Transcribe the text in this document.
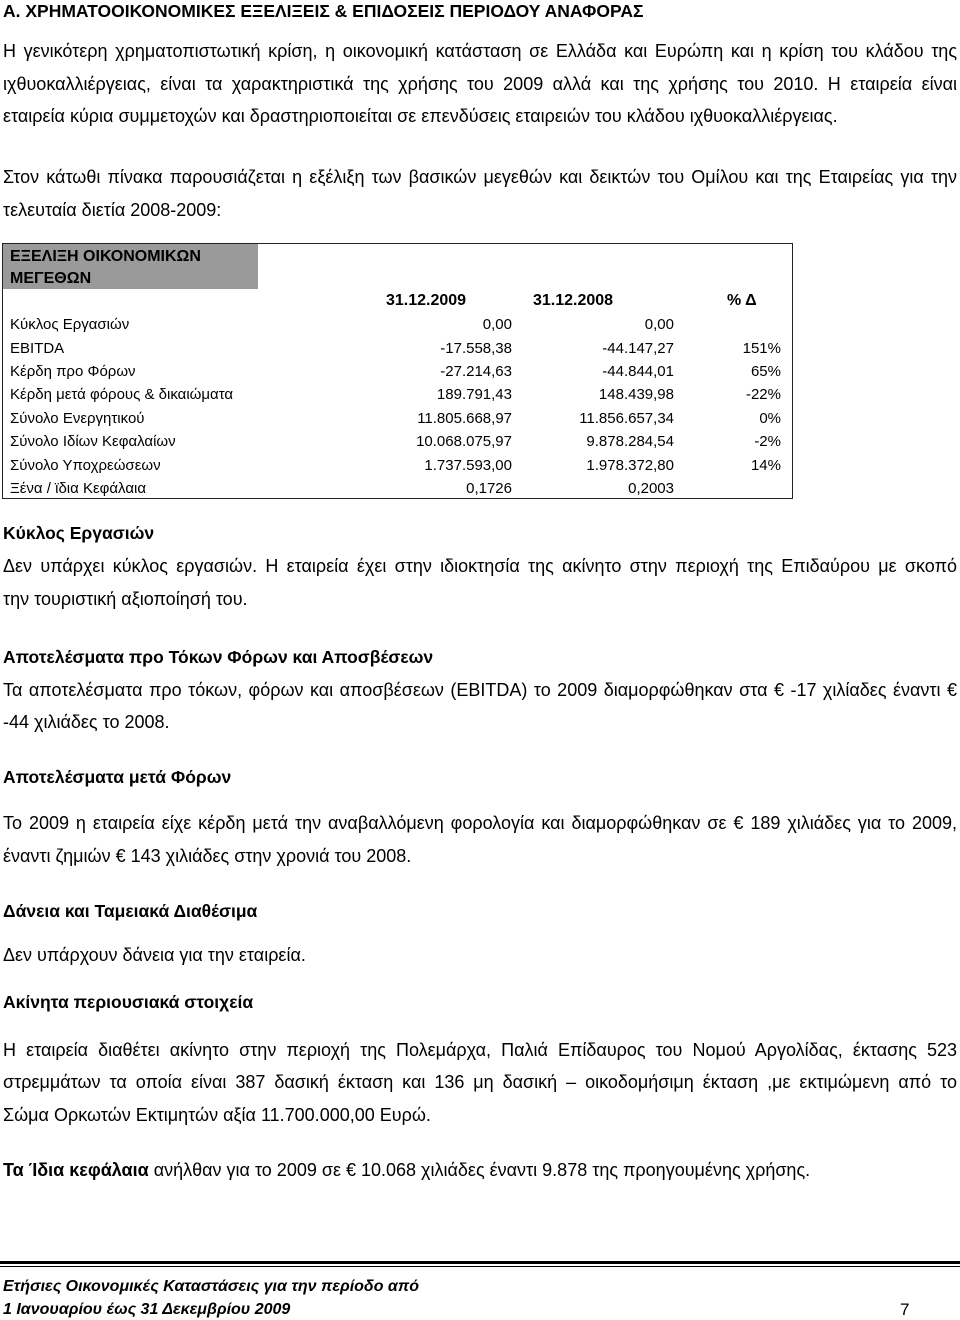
Α. ΧΡΗΜΑΤΟΟΙΚΟΝΟΜΙΚΕΣ ΕΞΕΛΙΞΕΙΣ & ΕΠΙΔΟΣΕΙΣ ΠΕΡΙΟΔΟΥ ΑΝΑΦΟΡΑΣ
Η γενικότερη χρηματοπιστωτική κρίση, η οικονομική κατάσταση σε Ελλάδα και Ευρώπη και η κρίση του κλάδου της
ιχθυοκαλλιέργειας, είναι τα χαρακτηριστικά της χρήσης του 2009 αλλά και της χρήσης του 2010. Η εταιρεία είναι
εταιρεία κύρια συμμετοχών και δραστηριοποιείται σε επενδύσεις εταιρειών του κλάδου ιχθυοκαλλιέργειας.
Στον κάτωθι πίνακα παρουσιάζεται η εξέλιξη των βασικών μεγεθών και δεικτών του Ομίλου και της Εταιρείας για την
τελευταία διετία 2008-2009:
ΕΞΕΛΙΞΗ ΟΙΚΟΝΟΜΙΚΩΝ
ΜΕΓΕΘΩΝ
31.12.2009	31.12.2008	% Δ
Κύκλος Εργασιών	0,00	0,00
EBITDA	-17.558,38	-44.147,27	151%
Κέρδη προ Φόρων	-27.214,63	-44.844,01	65%
Κέρδη μετά φόρους & δικαιώματα	189.791,43	148.439,98	-22%
Σύνολο Ενεργητικού	11.805.668,97	11.856.657,34	0%
Σύνολο Ιδίων Κεφαλαίων	10.068.075,97	9.878.284,54	-2%
Σύνολο Υποχρεώσεων	1.737.593,00	1.978.372,80	14%
Ξένα / ϊδια Κεφάλαια	0,1726	0,2003
Κύκλος Εργασιών
Δεν υπάρχει κύκλος εργασιών. Η εταιρεία έχει στην ιδιοκτησία της ακίνητο στην περιοχή της Επιδαύρου με σκοπό
την τουριστική αξιοποίησή του.
Αποτελέσματα προ Τόκων Φόρων και Αποσβέσεων
Τα αποτελέσματα προ τόκων, φόρων και αποσβέσεων (EBITDA) το 2009 διαμορφώθηκαν στα € -17 χιλίαδες έναντι €
-44 χιλιάδες το 2008.
Αποτελέσματα μετά Φόρων
Το 2009 η εταιρεία είχε κέρδη μετά την αναβαλλόμενη φορολογία και διαμορφώθηκαν σε € 189 χιλιάδες για το 2009,
έναντι ζημιών € 143 χιλιάδες στην χρονιά του 2008.
Δάνεια και Ταμειακά Διαθέσιμα
Δεν υπάρχουν δάνεια για την εταιρεία.
Ακίνητα περιουσιακά στοιχεία
Η εταιρεία διαθέτει ακίνητο στην περιοχή της Πολεμάρχα, Παλιά Επίδαυρος του Νομού Αργολίδας, έκτασης 523
στρεμμάτων τα οποία είναι 387 δασική έκταση και 136 μη δασική – οικοδομήσιμη έκταση ,με εκτιμώμενη από το
Σώμα Ορκωτών Εκτιμητών αξία 11.700.000,00 Ευρώ.
Τα Ίδια κεφάλαια ανήλθαν για το 2009 σε € 10.068 χιλιάδες έναντι 9.878 της προηγουμένης χρήσης.
Ετήσιες Οικονομικές Καταστάσεις για την περίοδο από
1 Ιανουαρίου έως 31 Δεκεμβρίου 2009	7
